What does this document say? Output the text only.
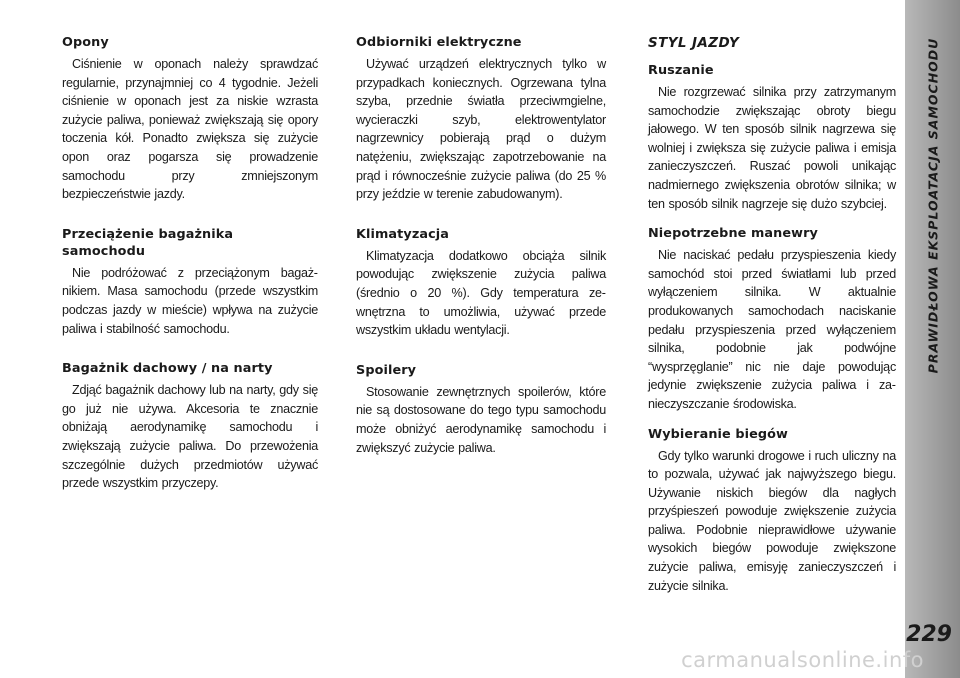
Opony

Ciśnienie w oponach należy sprawdzać regularnie, przynajmniej co 4 tygodnie. Jeżeli ciśnienie w oponach jest za niskie wzrasta zużycie paliwa, ponieważ zwiększają się opory toczenia kół. Ponadto zwiększa się zużycie opon oraz pogarsza się prowadzenie samochodu przy zmniejszonym bezpieczeństwie jazdy.

Przeciążenie bagażnika samochodu

Nie podróżować z przeciążonym bagażnikiem. Masa samochodu (przede wszystkim podczas jazdy w mieście) wpływa na zużycie paliwa i stabilność samochodu.

Bagażnik dachowy / na narty

Zdjąć bagażnik dachowy lub na narty, gdy się go już nie używa. Akcesoria te znacznie obniżają aerodynamikę samochodu i zwiększają zużycie paliwa. Do przewożenia szczególnie dużych przedmiotów używać przede wszystkim przyczepy.

Odbiorniki elektryczne

Używać urządzeń elektrycznych tylko w przypadkach koniecznych. Ogrzewana tylna szyba, przednie światła przeciwmgielne, wycieraczki szyb, elektrowentylator nagrzewnicy pobierają prąd o dużym natężeniu, zwiększając zapotrzebowanie na prąd i równocześnie zużycie paliwa (do 25 % przy jeździe w terenie zabudowanym).

Klimatyzacja

Klimatyzacja dodatkowo obciąża silnik powodując zwiększenie zużycia paliwa (średnio o 20 %). Gdy temperatura zewnętrzna to umożliwia, używać przede wszystkim układu wentylacji.

Spoilery

Stosowanie zewnętrznych spoilerów, które nie są dostosowane do tego typu samochodu może obniżyć aerodynamikę samochodu i zwiększyć zużycie paliwa.

STYL JAZDY
Ruszanie

Nie rozgrzewać silnika przy zatrzymanym samochodzie zwiększając obroty biegu jałowego. W ten sposób silnik nagrzewa się wolniej i zwiększa się zużycie paliwa i emisja zanieczyszczeń. Ruszać powoli unikając nadmiernego zwiększenia obrotów silnika; w ten sposób silnik nagrzeje się dużo szybciej.

Niepotrzebne manewry

Nie naciskać pedału przyspieszenia kiedy samochód stoi przed światłami lub przed wyłączeniem silnika. W aktualnie produkowanych samochodach naciskanie pedału przyspieszenia przed wyłączeniem silnika, podobnie jak podwójne “wysprzęglanie” nic nie daje powodując jedynie zwiększenie zużycia paliwa i zanieczyszczanie środowiska.

Wybieranie biegów

Gdy tylko warunki drogowe i ruch uliczny na to pozwala, używać jak najwyższego biegu. Używanie niskich biegów dla nagłych przyśpieszeń powoduje zwiększenie zużycia paliwa. Podobnie nieprawidłowe używanie wysokich biegów powoduje zwiększone zużycie paliwa, emisyję zanieczyszczeń i zużycie silnika.

PRAWIDŁOWA EKSPLOATACJA SAMOCHODU
229
carmanualsonline.info
